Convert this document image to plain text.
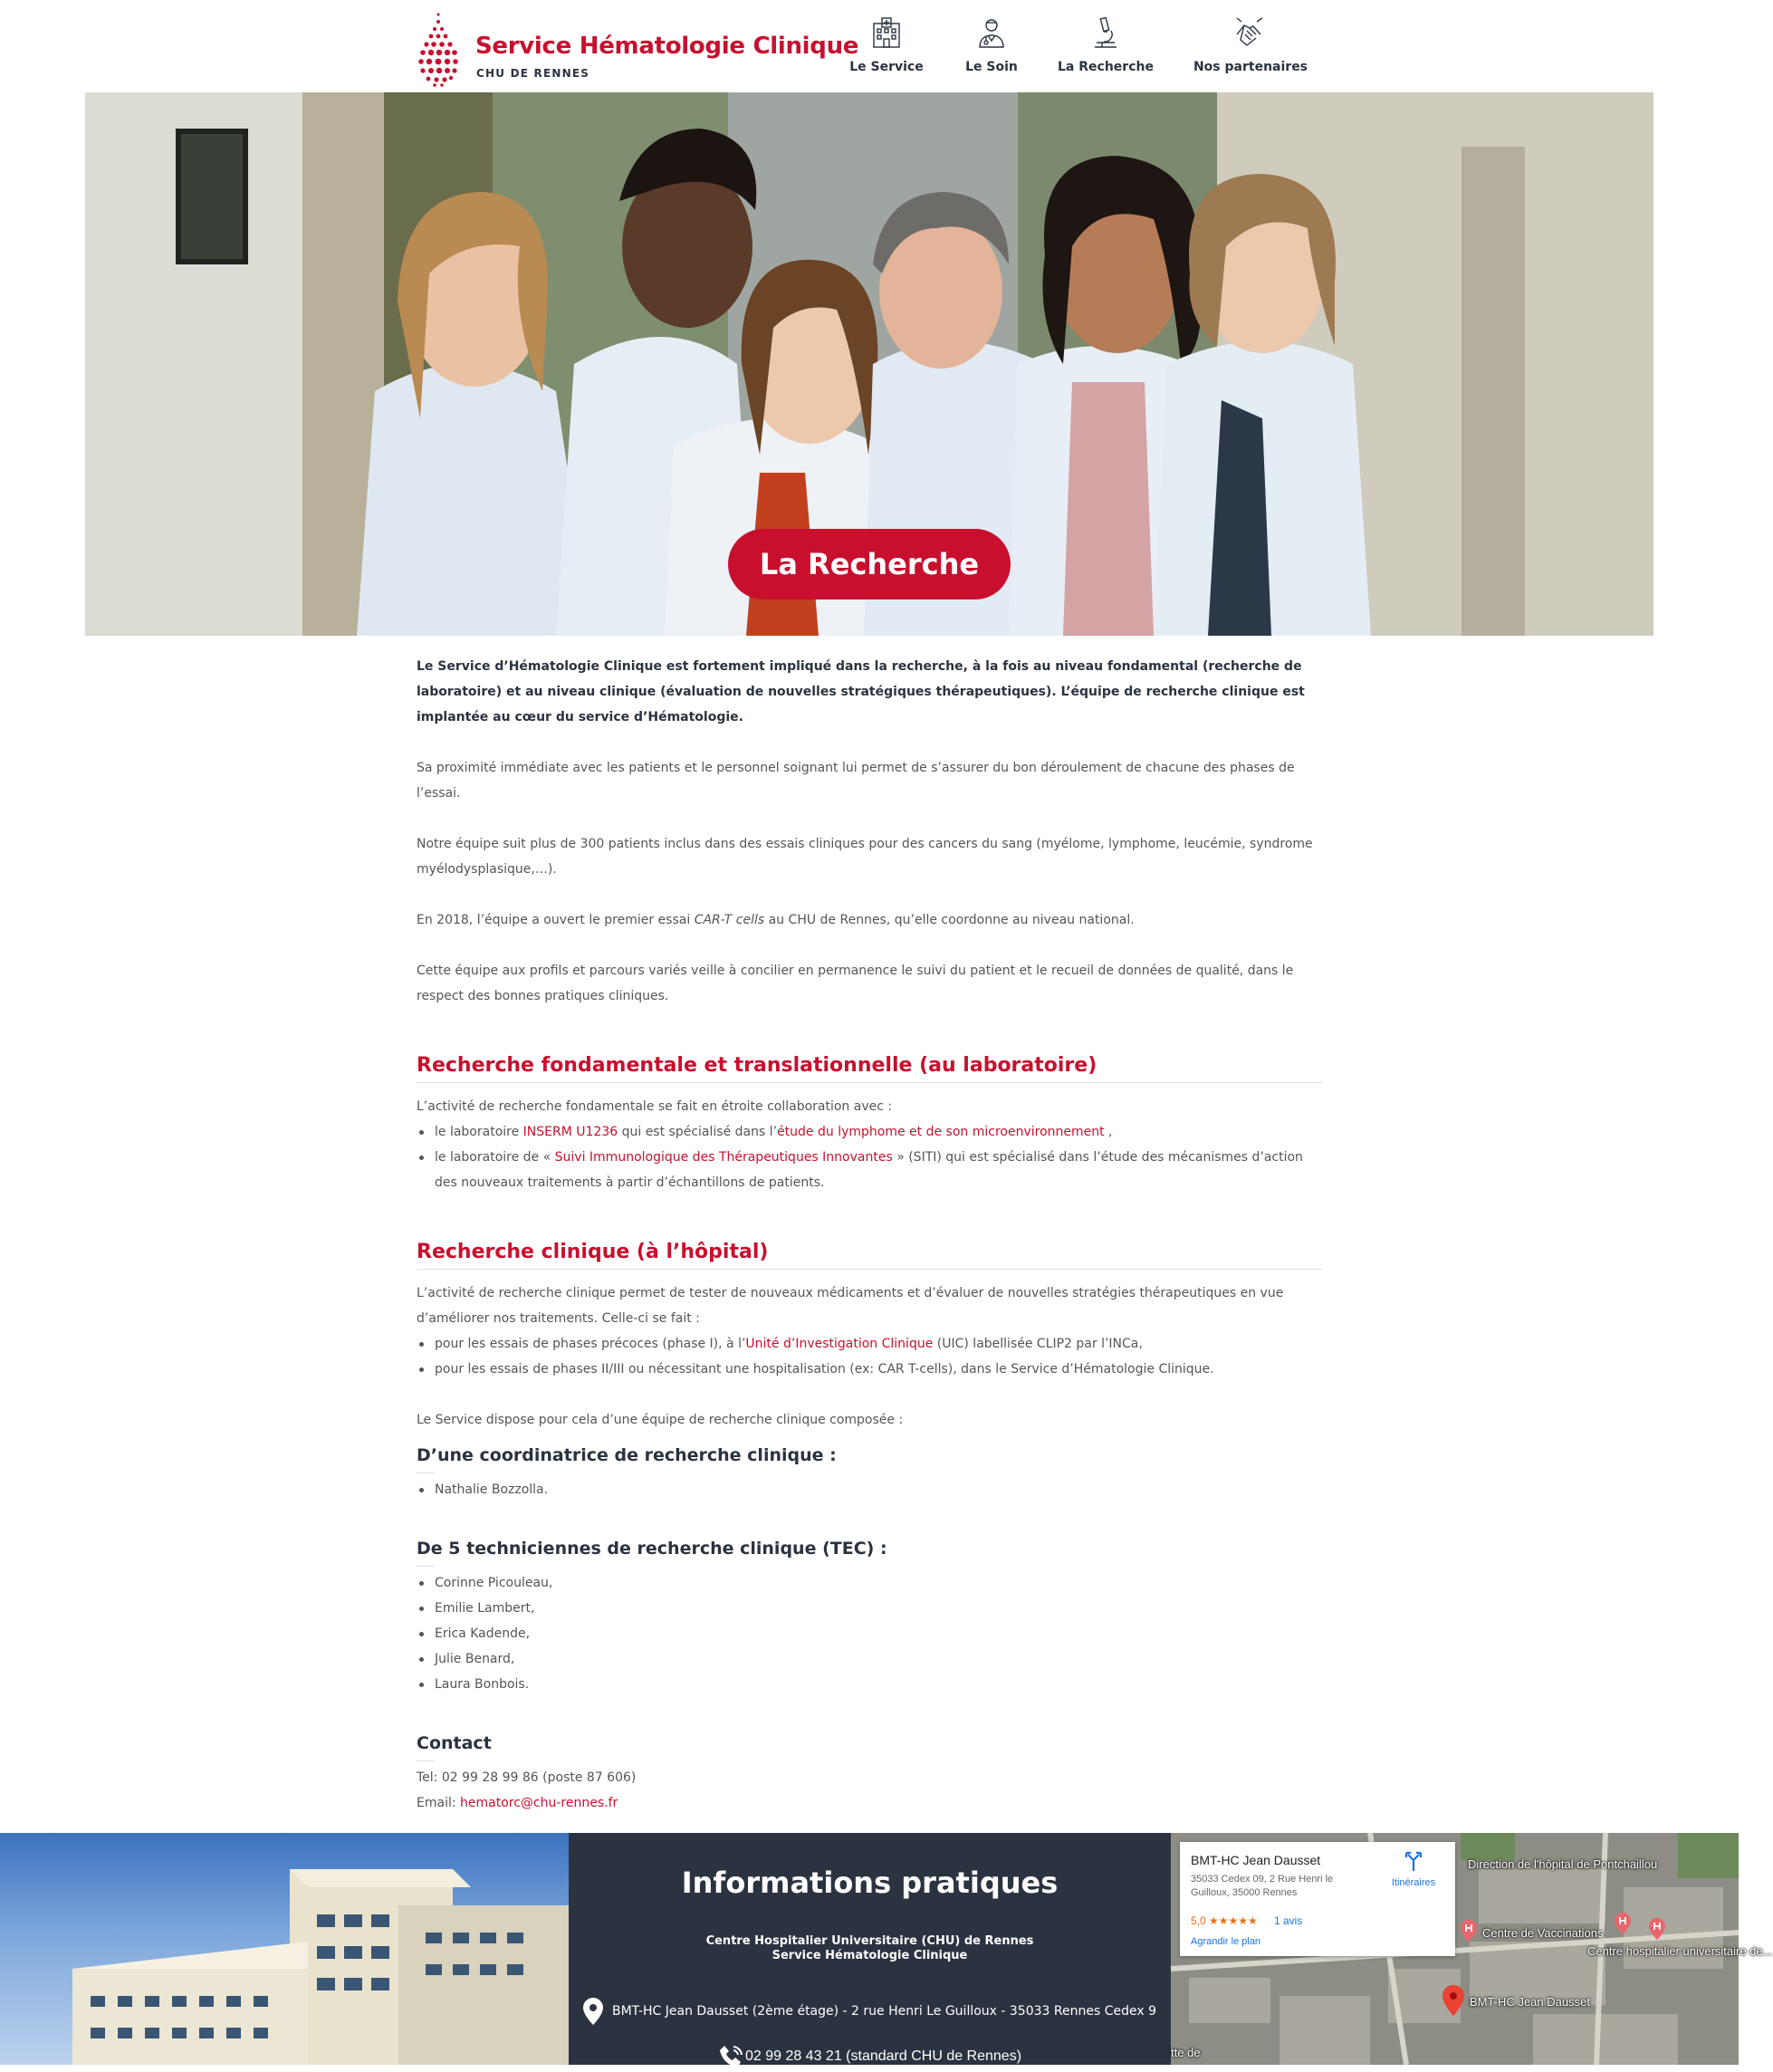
Service Hématologie Clinique
CHU DE RENNES	Le Service	Le Soin	La Recherche	Nos partenaires
La Recherche

Le Service d’Hématologie Clinique est fortement impliqué dans la recherche, à la fois au niveau fondamental (recherche de laboratoire) et au niveau clinique (évaluation de nouvelles stratégiques thérapeutiques). L’équipe de recherche clinique est implantée au cœur du service d’Hématologie.

Sa proximité immédiate avec les patients et le personnel soignant lui permet de s’assurer du bon déroulement de chacune des phases de l’essai.

Notre équipe suit plus de 300 patients inclus dans des essais cliniques pour des cancers du sang (myélome, lymphome, leucémie, syndrome myélodysplasique,…).

En 2018, l’équipe a ouvert le premier essai CAR-T cells au CHU de Rennes, qu’elle coordonne au niveau national.

Cette équipe aux profils et parcours variés veille à concilier en permanence le suivi du patient et le recueil de données de qualité, dans le respect des bonnes pratiques cliniques.

Recherche fondamentale et translationnelle (au laboratoire)

L’activité de recherche fondamentale se fait en étroite collaboration avec :

le laboratoire INSERM U1236 qui est spécialisé dans l’étude du lymphome et de son microenvironnement ,
le laboratoire de « Suivi Immunologique des Thérapeutiques Innovantes » (SITI) qui est spécialisé dans l’étude des mécanismes d’action des nouveaux traitements à partir d’échantillons de patients.
Recherche clinique (à l’hôpital)

L’activité de recherche clinique permet de tester de nouveaux médicaments et d’évaluer de nouvelles stratégies thérapeutiques en vue d’améliorer nos traitements. Celle-ci se fait :

pour les essais de phases précoces (phase I), à l’Unité d’Investigation Clinique (UIC) labellisée CLIP2 par l’INCa,
pour les essais de phases II/III ou nécessitant une hospitalisation (ex: CAR T-cells), dans le Service d’Hématologie Clinique.

Le Service dispose pour cela d’une équipe de recherche clinique composée :

D’une coordinatrice de recherche clinique :
Nathalie Bozzolla.
De 5 techniciennes de recherche clinique (TEC) :
Corinne Picouleau,
Emilie Lambert,
Erica Kadende,
Julie Benard,
Laura Bonbois.
Contact

Tel: 02 99 28 99 86 (poste 87 606)

Email: hematorc@chu-rennes.fr

Informations pratiques
Centre Hospitalier Universitaire (CHU) de Rennes
Service Hématologie Clinique
BMT-HC Jean Dausset (2ème étage) - 2 rue Henri Le Guilloux - 35033 Rennes Cedex 9
02 99 28 43 21 (standard CHU de Rennes)
Direction de l'hôpital de Pontchaillou
Centre de Vaccinations
Centre hospitalier universitaire de...
BMT-HC Jean Dausset
tte de
BMT-HC Jean Dausset
35033 Cedex 09, 2 Rue Henri le Guilloux, 35000 Rennes
5,0 ★★★★★ 1 avis
Agrandir le plan
Itinéraires
